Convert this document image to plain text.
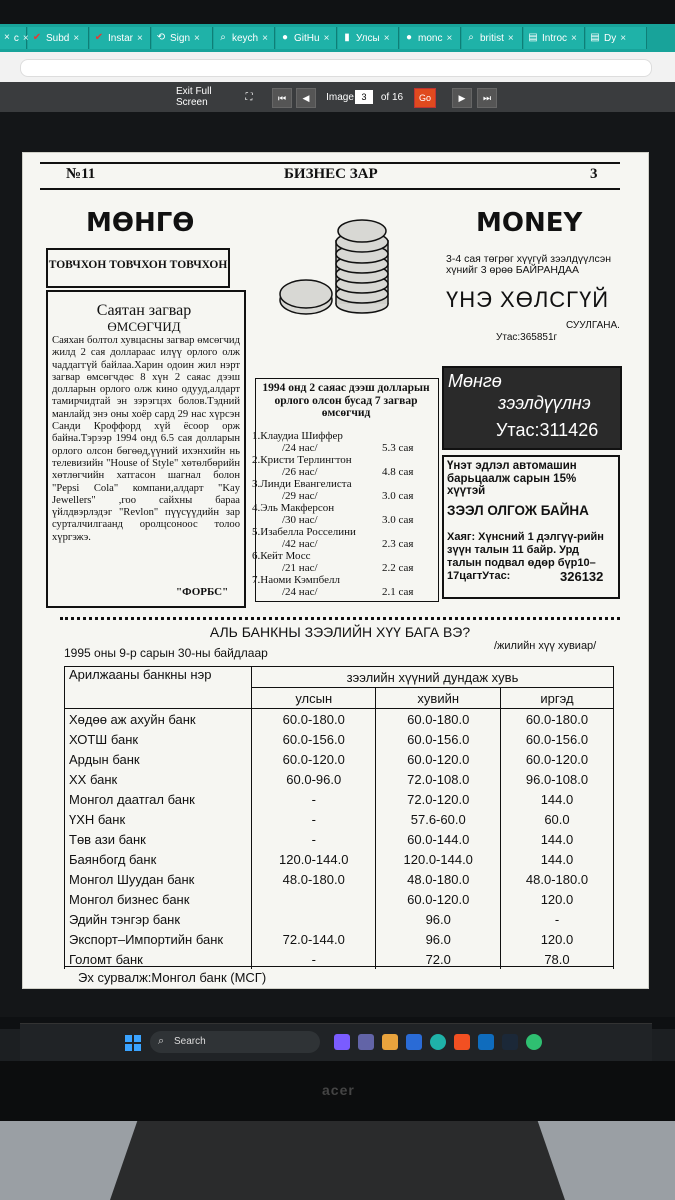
× c × ✔ Subd × ✔ Instar × ⟲ Sign × ⌕ keych × ● GitHu × ▮ Улсы × ● monc × ⌕ britist × ▤ Introc × ▤ Dy ×
Exit Full Screen	⛶	⏮	◀	Image 3	of 16	Go	▶	⏭
№11	БИЗНЕС ЗАР	3
МӨНГӨ	MONEY
ТОВЧХОН ТОВЧХОН ТОВЧХОН
Саятан загвар
ӨМСӨГЧИД
Саяхан болтол хувцасны загвар өмсөгчид жилд 2 сая доллараас илүү орлого олж чаддаггүй байлаа.Харин одоин жил нэрт загвар өмсөгчдөс 8 хүн 2 саяас дээш долларын орлого олж кино одууд,алдарт тамирчидтай эн зэрэгцэх болов.Тэдний манлайд энэ оны хоёр сард 29 нас хүрсэн Санди Кроффорд хүй ёсоор орж байна.Тэрээр 1994 онд 6.5 сая долларын орлого олсон бөгөөд,үүний ихэнхийн нь телевизийн "House of Style" хөтөлбөрийн хөтлөгчийн хатгасон шагнал болон "Pepsi Cola" компани,алдарт "Kay Jewellers" ,гоо сайхны бараа үйлдвэрлэдэг "Revlon" пүүсүүдийн зар сурталчилгаанд оролцсоноос толоо хүргэжэ.
"ФОРБС"
1994 онд 2 саяас дээш долларын орлого олсон бусад 7 загвар өмсөгчид
1.Клаудиа Шиффер
/24 нас/	5.3 сая
2.Кристи Терлингтон
/26 нас/	4.8 сая
3.Линди Евангелиста
/29 нас/	3.0 сая
4.Эль Макферсон
/30 нас/	3.0 сая
5.Изабелла Росселини
/42 нас/	2.3 сая
6.Кейт Мосс
/21 нас/	2.2 сая
7.Наоми Кэмпбелл
/24 нас/	2.1 сая
3-4 сая төгрөг хүүгүй зээлдүүлсэн хүнийг 3 өрөө БАЙРАНДАА
ҮНЭ ХӨЛСГҮЙ
СУУЛГАНА.
Утас:365851г
Мөнгө
зээлдүүлнэ
Утас:311426
Үнэт эдлэл автомашин барьцаалж сарын 15% хүүтэй
ЗЭЭЛ ОЛГОЖ БАЙНА
Хаяг: Хүнсний 1 дэлгүү-рийн зүүн талын 11 байр. Урд талын подвал өдөр бүр10–17цагтУтас:	326132
АЛЬ БАНКНЫ ЗЭЭЛИЙН ХҮҮ БАГА ВЭ?
1995 оны 9-р сарын 30-ны байдлаар	/жилийн хүү хувиар/
Арилжааны банкны нэр	зээлийн хүүний дундаж хувь		
	улсын	хувийн	иргэд
Хөдөө аж ахуйн банк	60.0-180.0	60.0-180.0	60.0-180.0
ХОТШ банк	60.0-156.0	60.0-156.0	60.0-156.0
Ардын банк	60.0-120.0	60.0-120.0	60.0-120.0
ХХ банк	60.0-96.0	72.0-108.0	96.0-108.0
Монгол даатгал банк	-	72.0-120.0	144.0
ҮХН банк	-	57.6-60.0	60.0
Төв ази банк	-	60.0-144.0	144.0
Баянбогд банк	120.0-144.0	120.0-144.0	144.0
Монгол Шуудан банк	48.0-180.0	48.0-180.0	48.0-180.0
Монгол бизнес банк		60.0-120.0	120.0
Эдийн тэнгэр банк		96.0	-
Экспорт–Импортийн банк	72.0-144.0	96.0	120.0
Голомт банк	-	72.0	78.0
Эх сурвалж:Монгол банк (МСГ)
Search
⌕
acer
